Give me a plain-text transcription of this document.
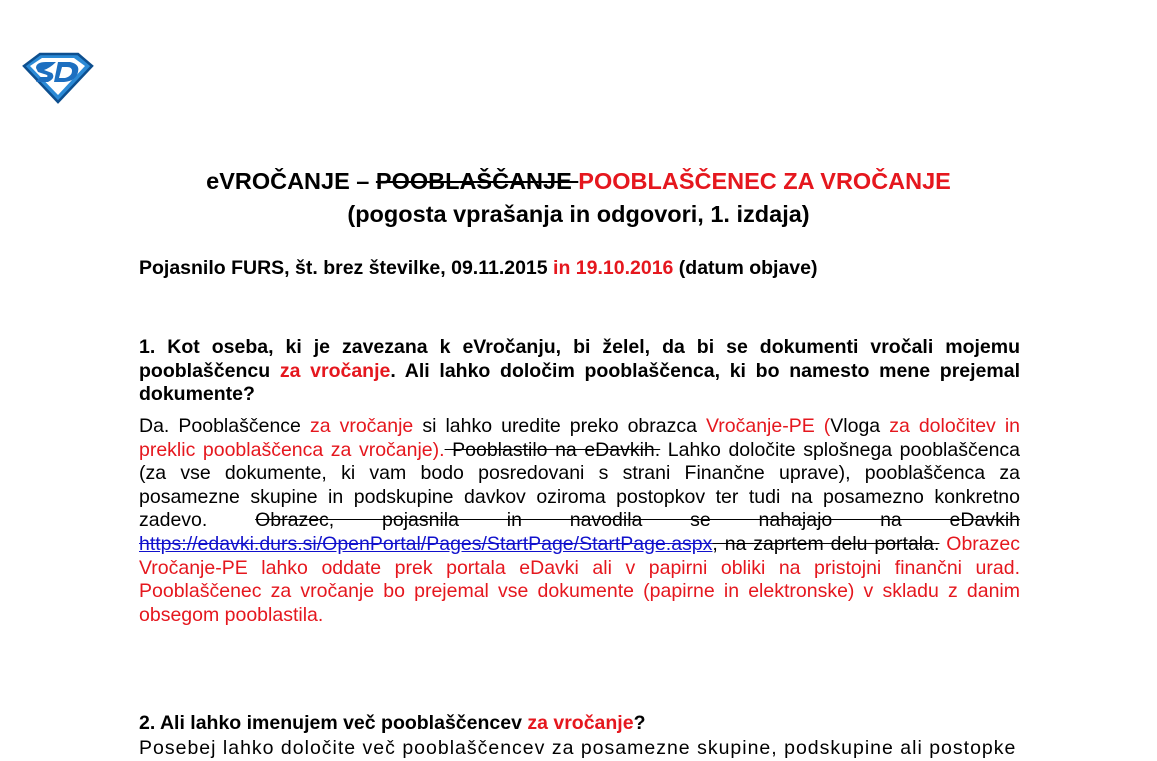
eVROČANJE – POOBLAŠČANJE POOBLAŠČENEC ZA VROČANJE
(pogosta vprašanja in odgovori, 1. izdaja)
Pojasnilo FURS, št. brez številke, 09.11.2015 in 19.10.2016 (datum objave)
1. Kot oseba, ki je zavezana k eVročanju, bi želel, da bi se dokumenti vročali mojemu pooblaščencu za vročanje. Ali lahko določim pooblaščenca, ki bo namesto mene prejemal dokumente?
Da. Pooblaščence za vročanje si lahko uredite preko obrazca Vročanje-PE (Vloga za določitev in preklic pooblaščenca za vročanje). Pooblastilo na eDavkih. Lahko določite splošnega pooblaščenca (za vse dokumente, ki vam bodo posredovani s strani Finančne uprave), pooblaščenca za posamezne skupine in podskupine davkov oziroma postopkov ter tudi na posamezno konkretno zadevo. Obrazec, pojasnila in navodila se nahajajo na eDavkih https://edavki.durs.si/OpenPortal/Pages/StartPage/StartPage.aspx, na zaprtem delu portala. Obrazec Vročanje-PE lahko oddate prek portala eDavki ali v papirni obliki na pristojni finančni urad. Pooblaščenec za vročanje bo prejemal vse dokumente (papirne in elektronske) v skladu z danim obsegom pooblastila.
2. Ali lahko imenujem več pooblaščencev za vročanje?
Posebej lahko določite več pooblaščencev za posamezne skupine, podskupine ali postopke
